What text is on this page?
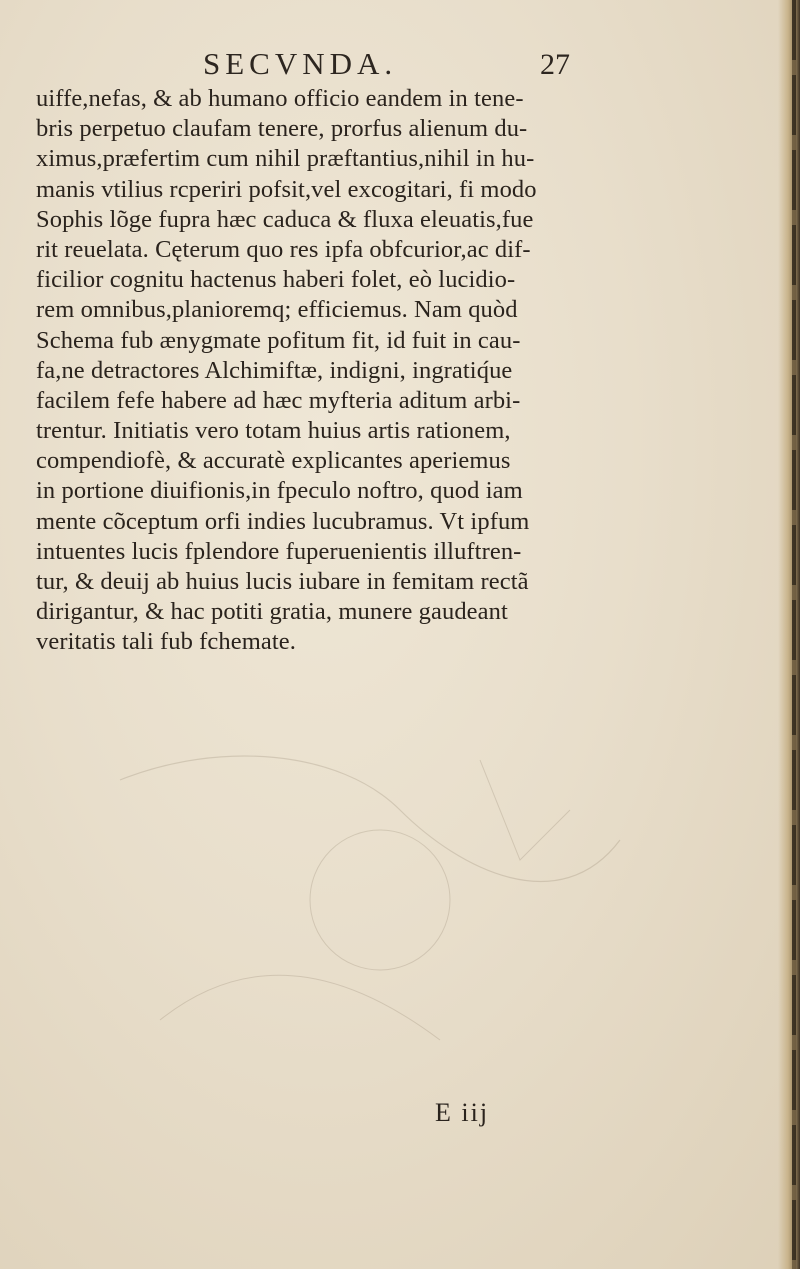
SECVNDA.	27
uiffe,nefas, & ab humano officio eandem in tene-
bris perpetuo claufam tenere, prorfus alienum du-
ximus,præfertim cum nihil præftantius,nihil in hu-
manis vtilius rcperiri pofsit,vel excogitari, fi modo
Sophis lõge fupra hæc caduca & fluxa eleuatis,fue
rit reuelata. Cęterum quo res ipfa obfcurior,ac dif-
ficilior cognitu hactenus haberi folet, eò lucidio-
rem omnibus,planioremq; efficiemus. Nam quòd
Schema fub ænygmate pofitum fit, id fuit in cau-
fa,ne detractores Alchimiftæ, indigni, ingratiq́ue
facilem fefe habere ad hæc myfteria aditum arbi-
trentur. Initiatis vero totam huius artis rationem,
compendiofè, & accuratè explicantes aperiemus
in portione diuifionis,in fpeculo noftro, quod iam
mente cõceptum orfi indies lucubramus. Vt ipfum
intuentes lucis fplendore fuperuenientis illuftren-
tur, & deuij ab huius lucis iubare in femitam rectã
dirigantur, & hac potiti gratia, munere gaudeant
veritatis tali fub fchemate.
E iij
